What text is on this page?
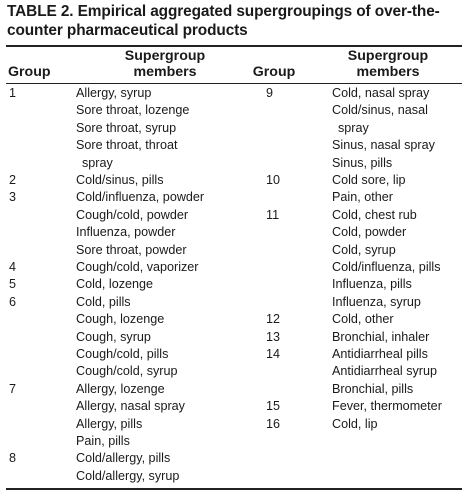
TABLE 2. Empirical aggregated supergroupings of over-the-counter pharmaceutical products
Group
Supergroup
members	Group
Supergroup
members
1	Allergy, syrup
Sore throat, lozenge
Sore throat, syrup
Sore throat, throat
spray
2	Cold/sinus, pills
3	Cold/influenza, powder
Cough/cold, powder
Influenza, powder
Sore throat, powder
4	Cough/cold, vaporizer
5	Cold, lozenge
6	Cold, pills
Cough, lozenge
Cough, syrup
Cough/cold, pills
Cough/cold, syrup
7	Allergy, lozenge
Allergy, nasal spray
Allergy, pills
Pain, pills
8	Cold/allergy, pills
Cold/allergy, syrup
9	Cold, nasal spray
Cold/sinus, nasal
spray
Sinus, nasal spray
Sinus, pills
10	Cold sore, lip
Pain, other
11	Cold, chest rub
Cold, powder
Cold, syrup
Cold/influenza, pills
Influenza, pills
Influenza, syrup
12	Cold, other
13	Bronchial, inhaler
14	Antidiarrheal pills
Antidiarrheal syrup
Bronchial, pills
15	Fever, thermometer
16	Cold, lip
